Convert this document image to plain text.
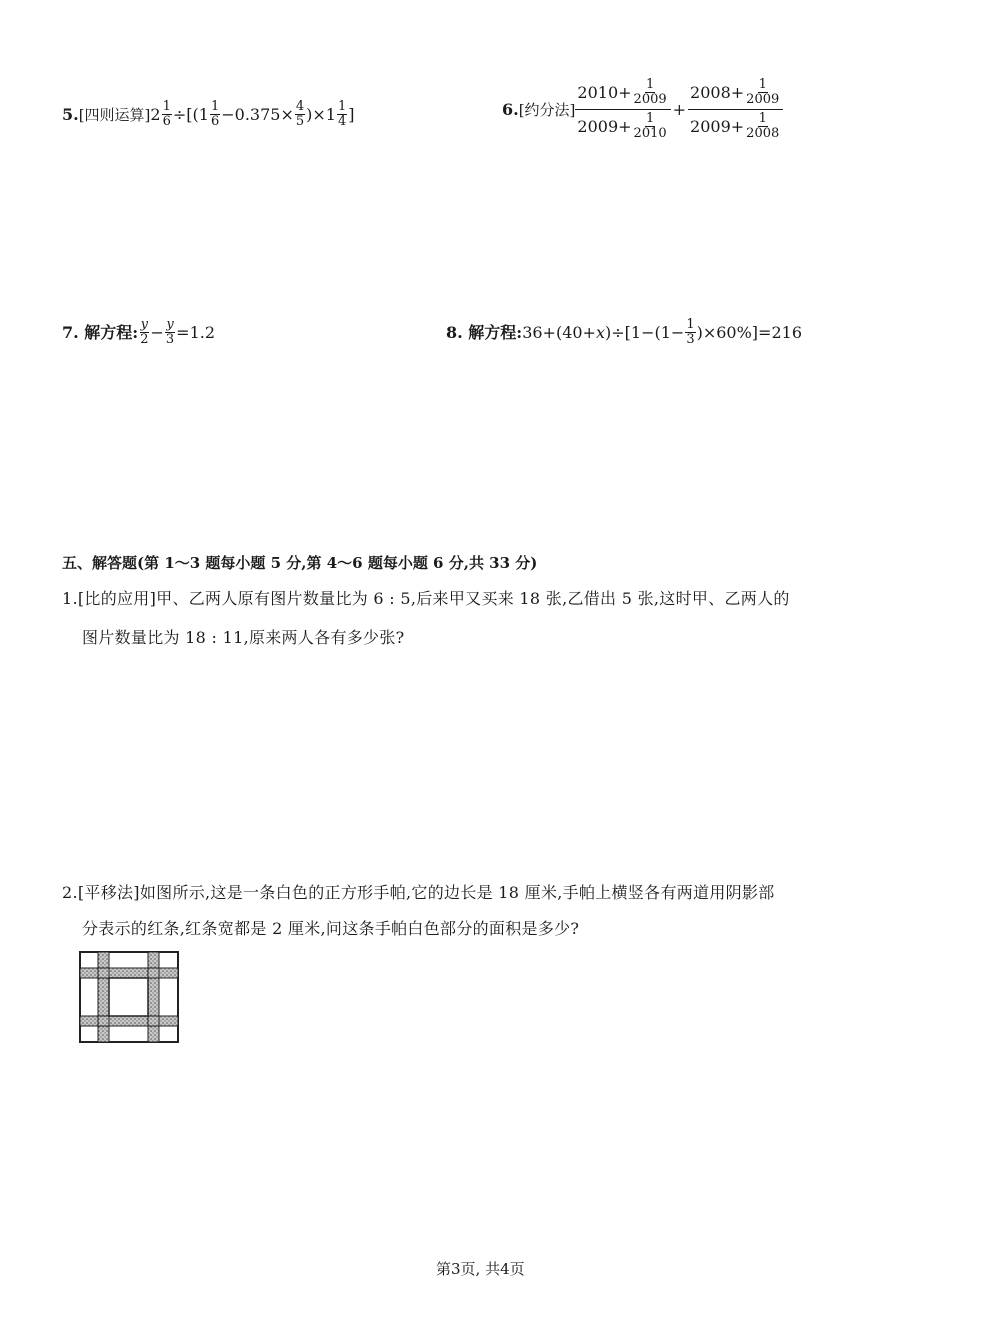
5. [四则运算] $2 \frac{1}{6} \div[(1 \frac{1}{6} -0.375\times \frac{4}{5} )\times 1 \frac{1}{4}$ ]	6. [约分法]
$2010+ \frac{1}{2009}$
$2009+ \frac{1}{2010}$
+ $\frac{2008+ \frac{1}{2009}}{2009+ \frac{1}{2008}}$
7. 解方程: $\frac{y}{2} - \frac{y}{3} =1.2$	8. 解方程: 36+(40+ x )$\div[1-(1- \frac{1}{3} )\times 60\%]=216$
五、解答题(第 1～3 题每小题 5 分,第 4～6 题每小题 6 分,共 33 分)
1.[比的应用]甲、乙两人原有图片数量比为 6 : 5,后来甲又买来 18 张,乙借出 5 张,这时甲、乙两人的
图片数量比为 18 : 11,原来两人各有多少张?
2.[平移法]如图所示,这是一条白色的正方形手帕,它的边长是 18 厘米,手帕上横竖各有两道用阴影部
分表示的红条,红条宽都是 2 厘米,问这条手帕白色部分的面积是多少?
第3页, 共4页
